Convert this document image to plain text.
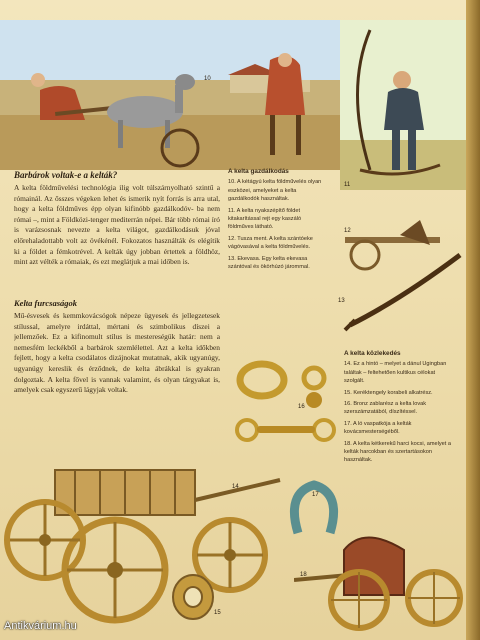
10
11
Barbárok voltak-e a kelták?
A kelta földművelési technológia ilig volt túlszárnyolható szintű a rómainál. Az ősszes végeken lehet és ismerik nyít forrás is arra utal, hogy a kelta földműves épp olyan kifinóbb gazdálkodóv- ba nem római –, mint a Földközi-tenger mediterrán népei. Bár több római író is varázsosnak nevezte a kelta világot, gazdálkodásuk jóval előrehaladottabb volt az övékénél. Fokozatos használták és elégítik ki a földet a fémkotrével. A kelták úgy jobban értettek a földhöz, mint azt vélték a rómaiak, és ezt meglátjuk a mai időben is.
Kelta furcsaságok
Mű-ésvesek és kemmkovácsógok népeze ügyesek és jellegzetesek stílussal, amelyre irdáttal, mértani és szimbolikus díszei a jellemzőek. Ez a kifinomult stílus is mestereségük határ: nem a nemesfém leckékből a barbárok szemlélettel. Azt a kelta időkben fejlett, hogy a kelta csodálatos dizájnokat mutatnak, akik ugyanúgy, ugyanúgy kereslik és érződnek, de kelta ábrákkal is gyakran dolgoztak. A kelta fővel is vannak valamint, és olyan tárgyakat is, amelyek csak egyszerű lágyjak voltak.
A kelta gazdálkodás
10. A kétágyú kelta földművelés olyan eszközei, amelyeket a kelta gazdálkodók használtak.
11. A kelta nyakszépítő földet kitakarítással rejt egy kaszáló földműves látható.
12. Tusza ment. A kelta szántóeke vágóvasával a kelta földművelés.
13. Ekevasa. Egy kelta ekevasa szántóval és ökörhúzó járommal.
12
13
A kelta közlekedés
14. Ez a hintó – melyet a dánul Ugingban találtak – feltehetően kultikus célokat szolgált.
15. Keréktengely korabeli alkatrész.
16. Bronz zablarész a kelta lovak szerszámzatából, díszítéssel.
17. A ló vaspatkója a kelták kovácsmesterségéből.
18. A kelta kétkerekű harci kocsi, amelyet a kelták harcokban és szertartásokon használtak.
16
17
14
15
18
Antikvárium.hu
